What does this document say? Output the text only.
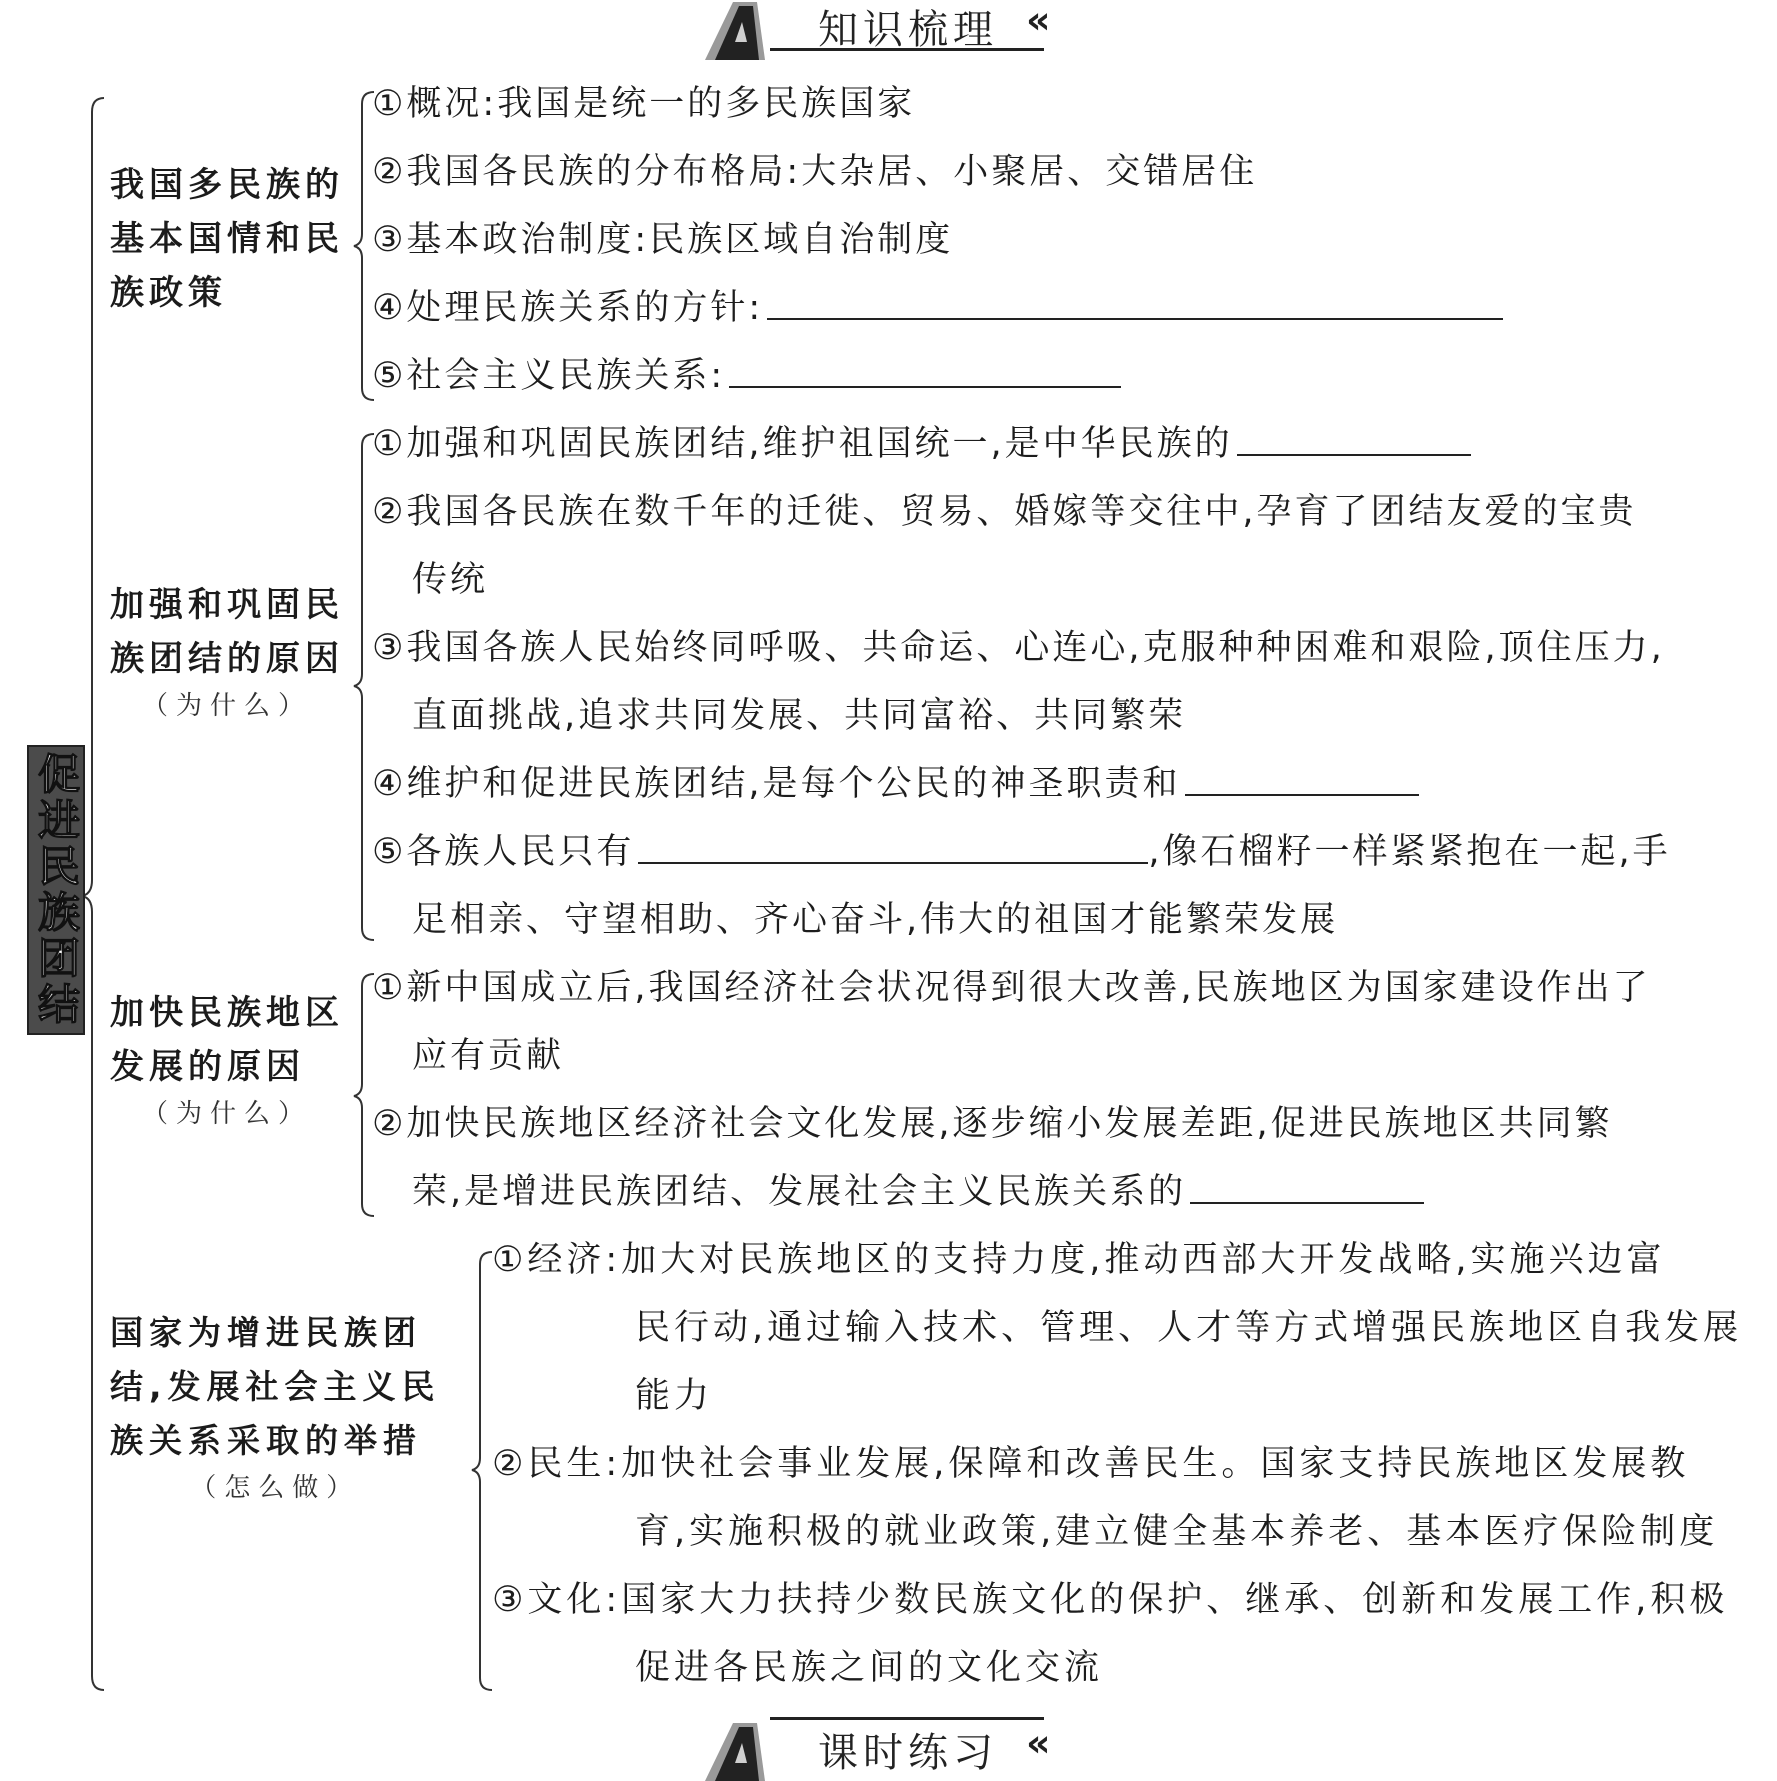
知识梳理 «
促进民族团结
我国多民族的
基本国情和民
族政策
①概况:我国是统一的多民族国家
②我国各民族的分布格局:大杂居、小聚居、交错居住
③基本政治制度:民族区域自治制度
④处理民族关系的方针:
⑤社会主义民族关系:
加强和巩固民
族团结的原因
（为什么）
①加强和巩固民族团结,维护祖国统一,是中华民族的
②我国各民族在数千年的迁徙、贸易、婚嫁等交往中,孕育了团结友爱的宝贵
传统
③我国各族人民始终同呼吸、共命运、心连心,克服种种困难和艰险,顶住压力,
直面挑战,追求共同发展、共同富裕、共同繁荣
④维护和促进民族团结,是每个公民的神圣职责和
⑤各族人民只有	,像石榴籽一样紧紧抱在一起,手
足相亲、守望相助、齐心奋斗,伟大的祖国才能繁荣发展
加快民族地区
发展的原因
（为什么）
①新中国成立后,我国经济社会状况得到很大改善,民族地区为国家建设作出了
应有贡献
②加快民族地区经济社会文化发展,逐步缩小发展差距,促进民族地区共同繁
荣,是增进民族团结、发展社会主义民族关系的
国家为增进民族团
结,发展社会主义民
族关系采取的举措
（怎么做）
①经济:加大对民族地区的支持力度,推动西部大开发战略,实施兴边富
民行动,通过输入技术、管理、人才等方式增强民族地区自我发展
能力
②民生:加快社会事业发展,保障和改善民生。国家支持民族地区发展教
育,实施积极的就业政策,建立健全基本养老、基本医疗保险制度
③文化:国家大力扶持少数民族文化的保护、继承、创新和发展工作,积极
促进各民族之间的文化交流
课时练习 «
